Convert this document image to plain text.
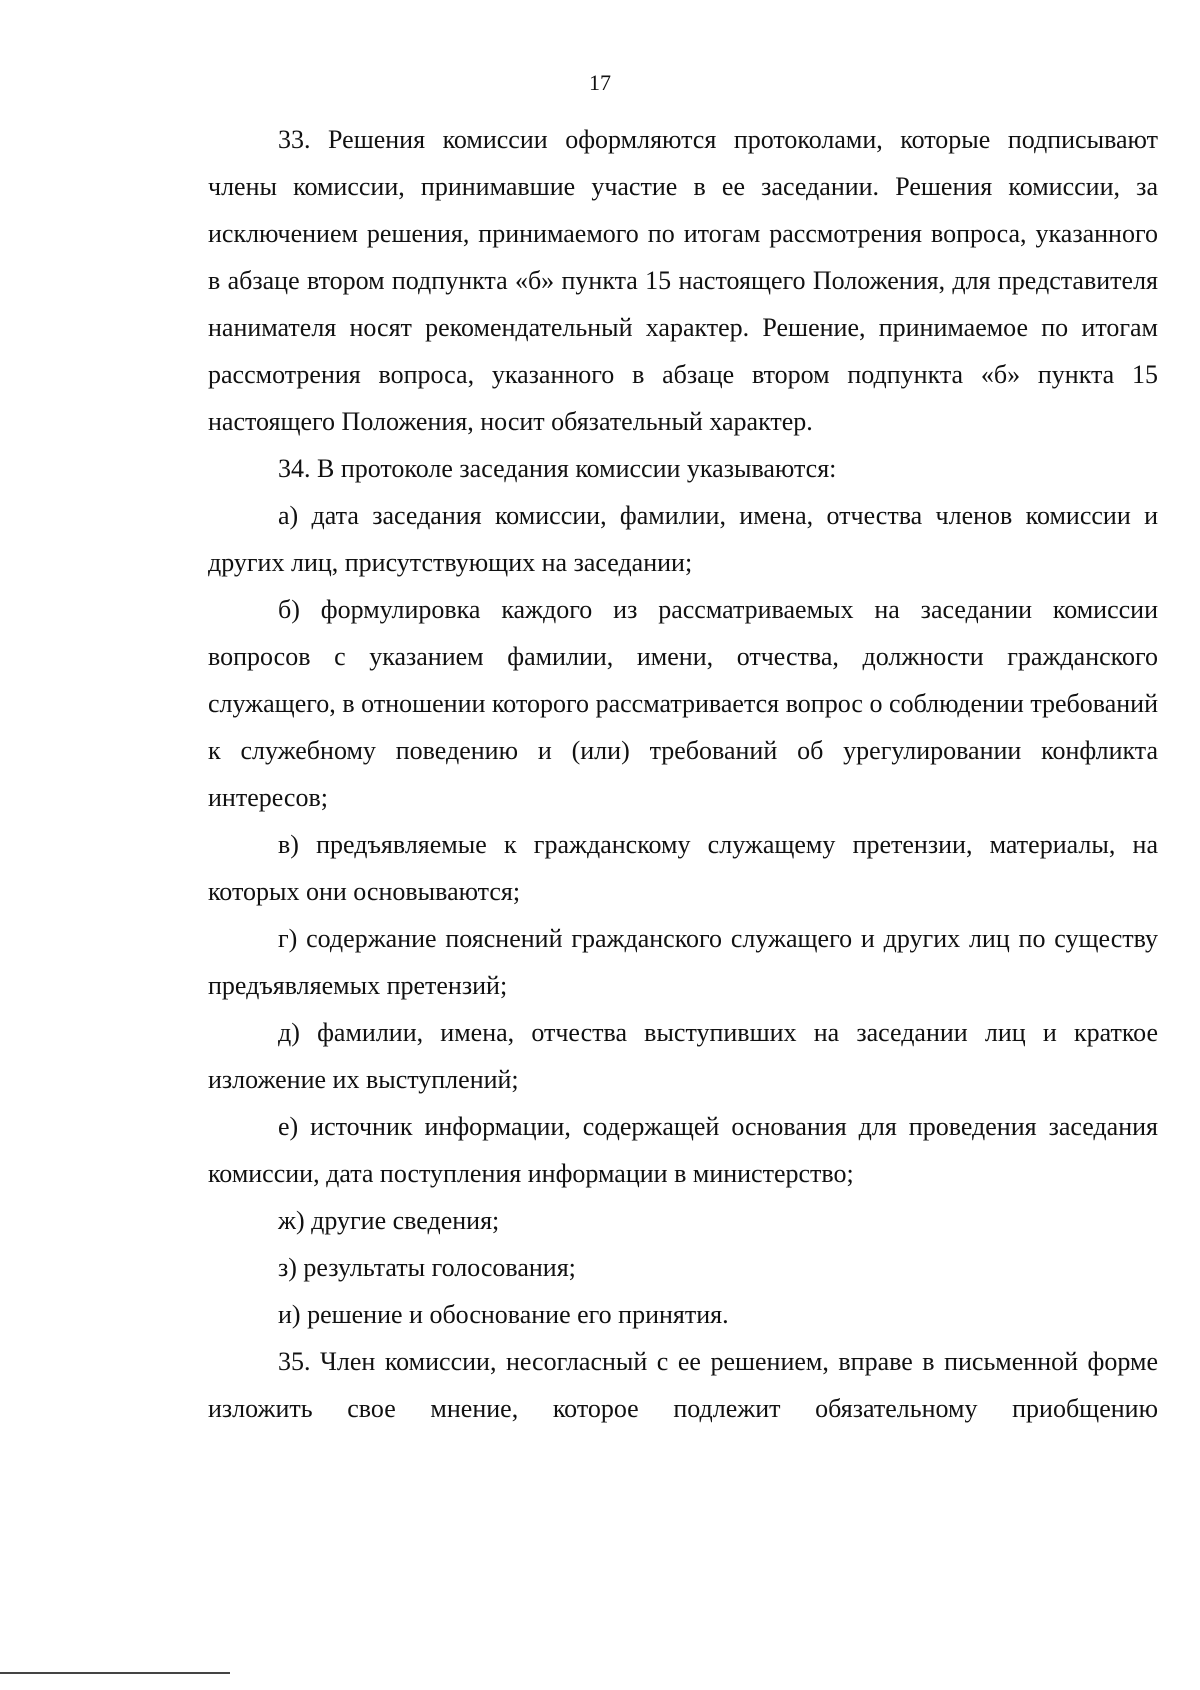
17

33. Решения комиссии оформляются протоколами, которые подписывают члены комиссии, принимавшие участие в ее заседании. Решения комиссии, за исключением решения, принимаемого по итогам рассмотрения вопроса, указанного в абзаце втором подпункта «б» пункта 15 настоящего Положения, для представителя нанимателя носят рекомендательный характер. Решение, принимаемое по итогам рассмотрения вопроса, указанного в абзаце втором подпункта «б» пункта 15 настоящего Положения, носит обязательный характер.

34. В протоколе заседания комиссии указываются:

а) дата заседания комиссии, фамилии, имена, отчества членов комиссии и других лиц, присутствующих на заседании;

б) формулировка каждого из рассматриваемых на заседании комиссии вопросов с указанием фамилии, имени, отчества, должности гражданского служащего, в отношении которого рассматривается вопрос о соблюдении требований к служебному поведению и (или) требований об урегулировании конфликта интересов;

в) предъявляемые к гражданскому служащему претензии, материалы, на которых они основываются;

г) содержание пояснений гражданского служащего и других лиц по существу предъявляемых претензий;

д) фамилии, имена, отчества выступивших на заседании лиц и краткое изложение их выступлений;

е) источник информации, содержащей основания для проведения заседания комиссии, дата поступления информации в министерство;

ж) другие сведения;

з) результаты голосования;

и) решение и обоснование его принятия.

35. Член комиссии, несогласный с ее решением, вправе в письменной форме изложить свое мнение, которое подлежит обязательному приобщению
